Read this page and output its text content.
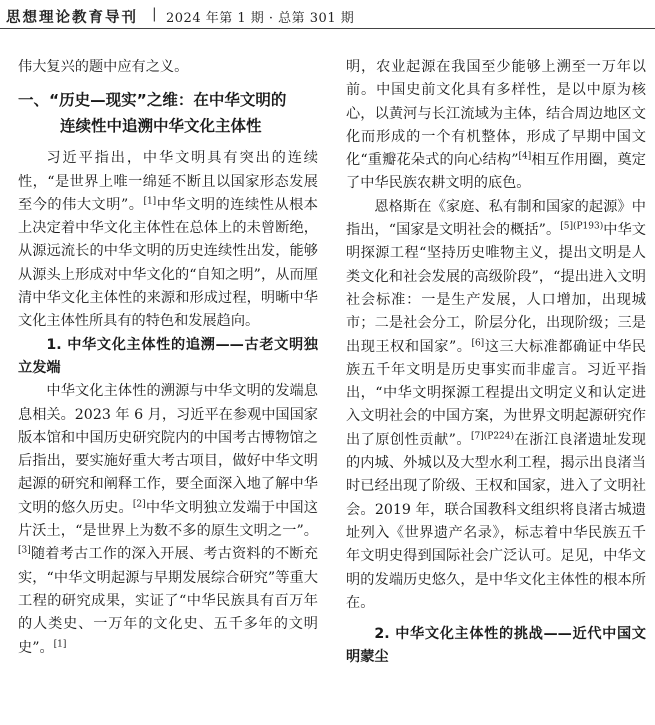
思想理论教育导刊 | 2024 年第 1 期 · 总第 301 期

伟大复兴的题中应有之义。

一、“历史—现实”之维：在中华文明的
连续性中追溯中华文化主体性

习近平指出，中华文明具有突出的连续性，“是世界上唯一绵延不断且以国家形态发展至今的伟大文明”。[1]中华文明的连续性从根本上决定着中华文化主体性在总体上的未曾断绝，从源远流长的中华文明的历史连续性出发，能够从源头上形成对中华文化的“自知之明”，从而厘清中华文化主体性的来源和形成过程，明晰中华文化主体性所具有的特色和发展趋向。

1. 中华文化主体性的追溯——古老文明独立发端

中华文化主体性的溯源与中华文明的发端息息相关。2023 年 6 月，习近平在参观中国国家版本馆和中国历史研究院内的中国考古博物馆之后指出，要实施好重大考古项目，做好中华文明起源的研究和阐释工作，要全面深入地了解中华文明的悠久历史。[2]中华文明独立发端于中国这片沃土，“是世界上为数不多的原生文明之一”。[3]随着考古工作的深入开展、考古资料的不断充实，“中华文明起源与早期发展综合研究”等重大工程的研究成果，实证了“中华民族具有百万年的人类史、一万年的文化史、五千多年的文明史”。[1]

明，农业起源在我国至少能够上溯至一万年以前。中国史前文化具有多样性，是以中原为核心，以黄河与长江流域为主体，结合周边地区文化而形成的一个有机整体，形成了早期中国文化“重瓣花朵式的向心结构”[4]相互作用圈，奠定了中华民族农耕文明的底色。

恩格斯在《家庭、私有制和国家的起源》中指出，“国家是文明社会的概括”。$^{[5](P193)}$中华文明探源工程“坚持历史唯物主义，提出文明是人类文化和社会发展的高级阶段”，“提出进入文明社会标准：一是生产发展，人口增加，出现城市；二是社会分工，阶层分化，出现阶级；三是出现王权和国家”。[6]这三大标准都确证中华民族五千年文明是历史事实而非虚言。习近平指出，“中华文明探源工程提出文明定义和认定进入文明社会的中国方案，为世界文明起源研究作出了原创性贡献”。$^{[7](P224)}$在浙江良渚遗址发现的内城、外城以及大型水利工程，揭示出良渚当时已经出现了阶级、王权和国家，进入了文明社会。2019 年，联合国教科文组织将良渚古城遗址列入《世界遗产名录》，标志着中华民族五千年文明史得到国际社会广泛认可。足见，中华文明的发端历史悠久，是中华文化主体性的根本所在。

2. 中华文化主体性的挑战——近代中国文明蒙尘
